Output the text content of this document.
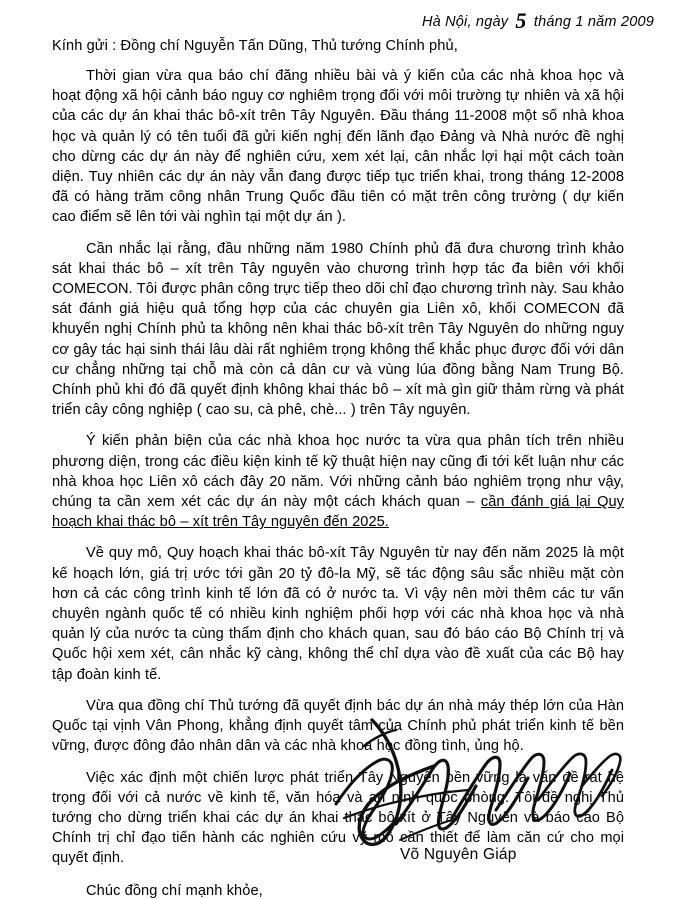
Hà Nội, ngày 5 tháng 1 năm 2009
Kính gửi : Đồng chí Nguyễn Tấn Dũng, Thủ tướng Chính phủ,

Thời gian vừa qua báo chí đăng nhiều bài và ý kiến của các nhà khoa học và hoạt động xã hội cảnh báo nguy cơ nghiêm trọng đối với môi trường tự nhiên và xã hội của các dự án khai thác bô-xít trên Tây Nguyên. Đầu tháng 11-2008 một số nhà khoa học và quản lý có tên tuổi đã gửi kiến nghị đến lãnh đạo Đảng và Nhà nước đề nghị cho dừng các dự án này để nghiên cứu, xem xét lại, cân nhắc lợi hại một cách toàn diện. Tuy nhiên các dự án này vẫn đang được tiếp tục triển khai, trong tháng 12-2008 đã có hàng trăm công nhân Trung Quốc đầu tiên có mặt trên công trường ( dự kiến cao điểm sẽ lên tới vài nghìn tại một dự án ).

Cần nhắc lại rằng, đầu những năm 1980 Chính phủ đã đưa chương trình khảo sát khai thác bô – xít trên Tây nguyên vào chương trình hợp tác đa biên với khối COMECON. Tôi được phân công trực tiếp theo dõi chỉ đạo chương trình này. Sau khảo sát đánh giá hiệu quả tổng hợp của các chuyên gia Liên xô, khối COMECON đã khuyến nghị Chính phủ ta không nên khai thác bô-xít trên Tây Nguyên do những nguy cơ gây tác hại sinh thái lâu dài rất nghiêm trọng không thể khắc phục được đối với dân cư chẳng những tại chỗ mà còn cả dân cư và vùng lúa đồng bằng Nam Trung Bộ. Chính phủ khi đó đã quyết định không khai thác bô – xít mà gìn giữ thảm rừng và phát triển cây công nghiệp ( cao su, cà phê, chè... ) trên Tây nguyên.

Ý kiến phản biện của các nhà khoa học nước ta vừa qua phân tích trên nhiều phương diện, trong các điều kiện kinh tế kỹ thuật hiện nay cũng đi tới kết luận như các nhà khoa học Liên xô cách đây 20 năm. Với những cảnh báo nghiêm trọng như vậy, chúng ta cần xem xét các dự án này một cách khách quan – cần đánh giá lại Quy hoạch khai thác bô – xít trên Tây nguyên đến 2025.

Về quy mô, Quy hoạch khai thác bô-xít Tây Nguyên từ nay đến năm 2025 là một kế hoạch lớn, giá trị ước tới gần 20 tỷ đô-la Mỹ, sẽ tác động sâu sắc nhiều mặt còn hơn cả các công trình kinh tế lớn đã có ở nước ta. Vì vậy nên mời thêm các tư vấn chuyên ngành quốc tế có nhiều kinh nghiệm phối hợp với các nhà khoa học và nhà quản lý của nước ta cùng thẩm định cho khách quan, sau đó báo cáo Bộ Chính trị và Quốc hội xem xét, cân nhắc kỹ càng, không thể chỉ dựa vào đề xuất của các Bộ hay tập đoàn kinh tế.

Vừa qua đồng chí Thủ tướng đã quyết định bác dự án nhà máy thép lớn của Hàn Quốc tại vịnh Vân Phong, khẳng định quyết tâm của Chính phủ phát triển kinh tế bền vững, được đông đảo nhân dân và các nhà khoa học đồng tình, ủng hộ.

Việc xác định một chiến lược phát triển Tây Nguyên bền vững là vấn đề rất hệ trọng đối với cả nước về kinh tế, văn hóa và an ninh quốc phòng. Tôi đề nghị Thủ tướng cho dừng triển khai các dự án khai thác bô-xít ở Tây Nguyên và báo cáo Bộ Chính trị chỉ đạo tiến hành các nghiên cứu vỹ mô cần thiết để làm căn cứ cho mọi quyết định.

Chúc đồng chí mạnh khỏe,
Võ Nguyên Giáp
